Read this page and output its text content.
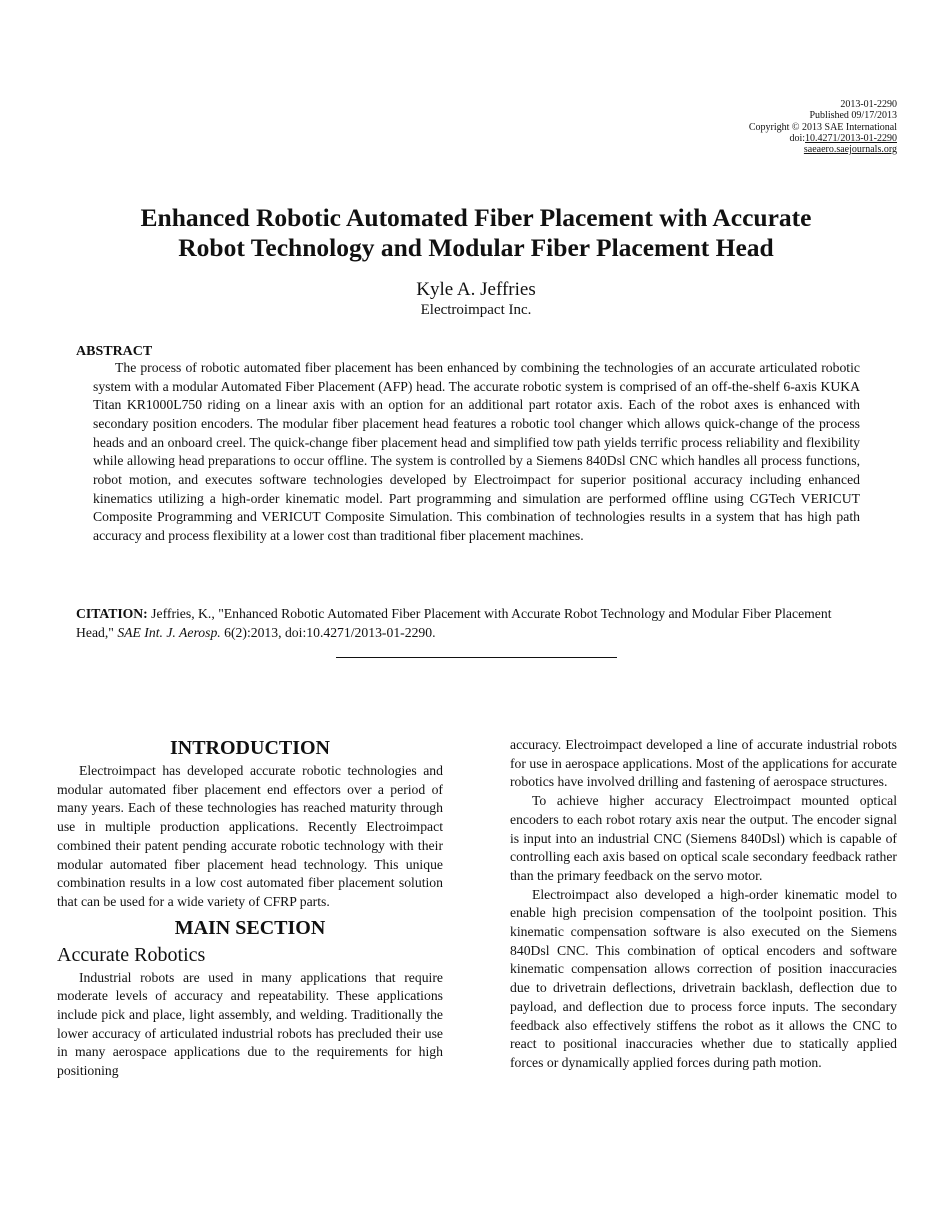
2013-01-2290
Published 09/17/2013
Copyright © 2013 SAE International
doi:10.4271/2013-01-2290
saeaero.saejournals.org
Enhanced Robotic Automated Fiber Placement with Accurate
Robot Technology and Modular Fiber Placement Head
Kyle A. Jeffries
Electroimpact Inc.
ABSTRACT
The process of robotic automated fiber placement has been enhanced by combining the technologies of an accurate articulated robotic system with a modular Automated Fiber Placement (AFP) head. The accurate robotic system is comprised of an off-the-shelf 6-axis KUKA Titan KR1000L750 riding on a linear axis with an option for an additional part rotator axis. Each of the robot axes is enhanced with secondary position encoders. The modular fiber placement head features a robotic tool changer which allows quick-change of the process heads and an onboard creel. The quick-change fiber placement head and simplified tow path yields terrific process reliability and flexibility while allowing head preparations to occur offline. The system is controlled by a Siemens 840Dsl CNC which handles all process functions, robot motion, and executes software technologies developed by Electroimpact for superior positional accuracy including enhanced kinematics utilizing a high-order kinematic model. Part programming and simulation are performed offline using CGTech VERICUT Composite Programming and VERICUT Composite Simulation. This combination of technologies results in a system that has high path accuracy and process flexibility at a lower cost than traditional fiber placement machines.
CITATION: Jeffries, K., "Enhanced Robotic Automated Fiber Placement with Accurate Robot Technology and Modular Fiber Placement Head," SAE Int. J. Aerosp. 6(2):2013, doi:10.4271/2013-01-2290.
INTRODUCTION

Electroimpact has developed accurate robotic technologies and modular automated fiber placement end effectors over a period of many years. Each of these technologies has reached maturity through use in multiple production applications. Recently Electroimpact combined their patent pending accurate robotic technology with their modular automated fiber placement head technology. This unique combination results in a low cost automated fiber placement solution that can be used for a wide variety of CFRP parts.

MAIN SECTION
Accurate Robotics

Industrial robots are used in many applications that require moderate levels of accuracy and repeatability. These applications include pick and place, light assembly, and welding. Traditionally the lower accuracy of articulated industrial robots has precluded their use in many aerospace applications due to the requirements for high positioning

accuracy. Electroimpact developed a line of accurate industrial robots for use in aerospace applications. Most of the applications for accurate robotics have involved drilling and fastening of aerospace structures.

To achieve higher accuracy Electroimpact mounted optical encoders to each robot rotary axis near the output. The encoder signal is input into an industrial CNC (Siemens 840Dsl) which is capable of controlling each axis based on optical scale secondary feedback rather than the primary feedback on the servo motor.

Electroimpact also developed a high-order kinematic model to enable high precision compensation of the toolpoint position. This kinematic compensation software is also executed on the Siemens 840Dsl CNC. This combination of optical encoders and software kinematic compensation allows correction of position inaccuracies due to drivetrain deflections, drivetrain backlash, deflection due to payload, and deflection due to process force inputs. The secondary feedback also effectively stiffens the robot as it allows the CNC to react to positional inaccuracies whether due to statically applied forces or dynamically applied forces during path motion.
